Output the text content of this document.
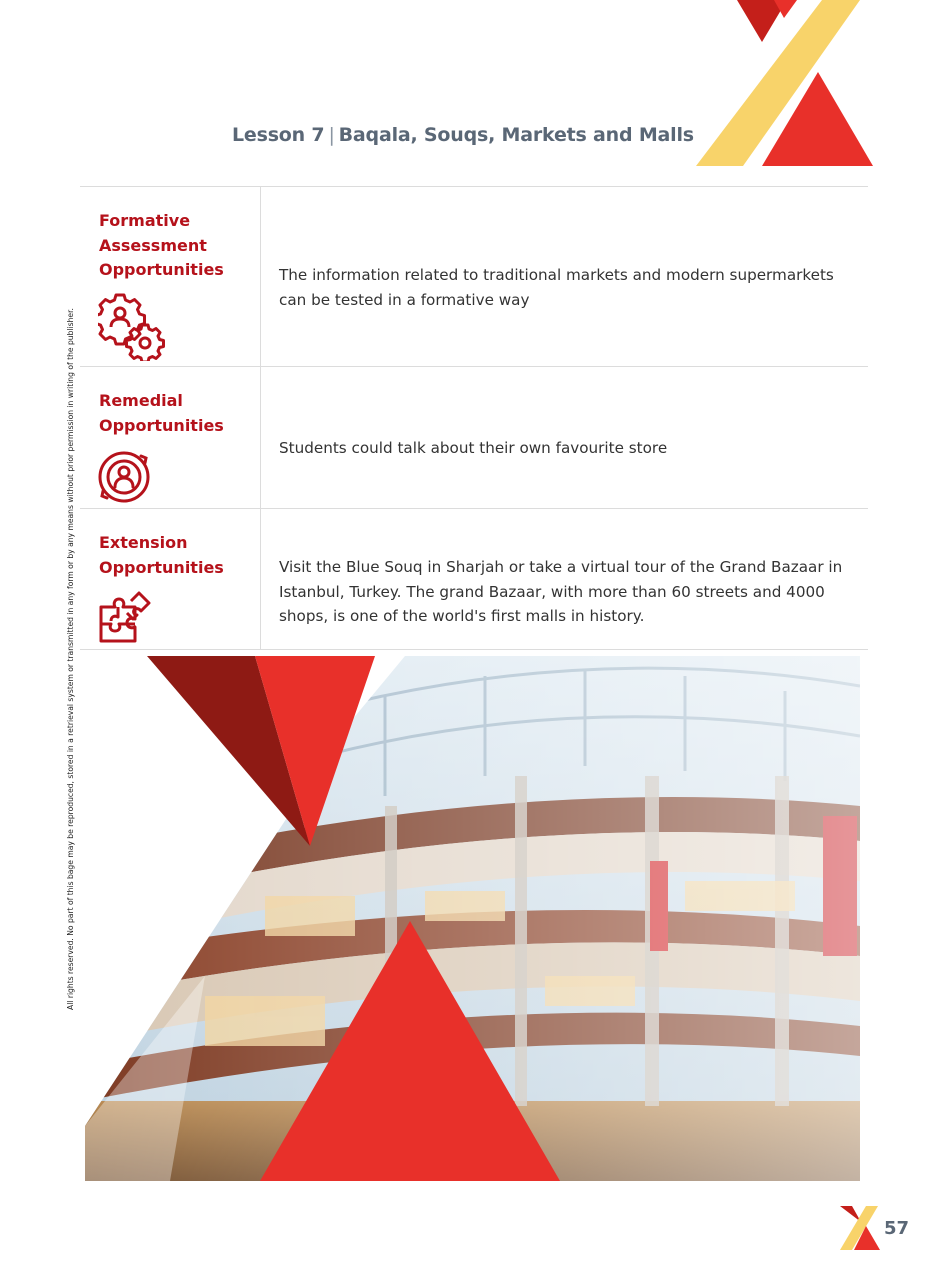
Lesson 7 | Baqala, Souqs, Markets and Malls
All rights reserved. No part of this bage may be reproduced, stored in a retrieval system or transmitted in any form or by any means without prior permission in writing of the publisher.
Formative
Assessment
Opportunities	The information related to traditional markets and modern supermarkets can be tested in a formative way
Remedial
Opportunities
Students could talk about their own favourite store
Extension
Opportunities	Visit the Blue Souq in Sharjah or take a virtual tour of the Grand Bazaar in Istanbul, Turkey. The grand Bazaar, with more than 60 streets and 4000 shops, is one of the world's first malls in history.
57
